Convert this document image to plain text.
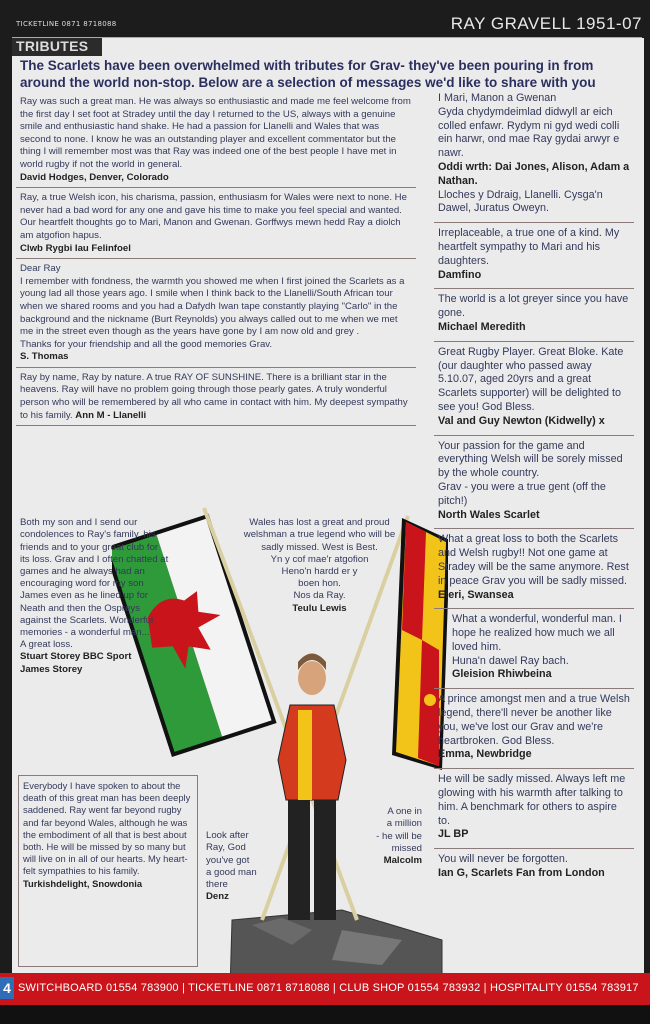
TICKETLINE 0871 8718088	RAY GRAVELL 1951-07
TRIBUTES
The Scarlets have been overwhelmed with tributes for Grav- they've been pouring in from around the world non-stop. Below are a selection of messages we'd like to share with you
Ray was such a great man. He was always so enthusiastic and made me feel welcome from the first day I set foot at Stradey until the day I returned to the US, always with a genuine smile and enthusiastic hand shake. He had a passion for Llanelli and Wales that was second to none. I know he was an outstanding player and excellent commentator but the thing I will remember most was that Ray was indeed one of the best people I have met in world rugby if not the world in general.
David Hodges, Denver, Colorado
Ray, a true Welsh icon, his charisma, passion, enthusiasm for Wales were next to none. He never had a bad word for any one and gave his time to make you feel special and wanted. Our heartfelt thoughts go to Mari, Manon and Gwenan. Gorffwys mewn hedd Ray a diolch am atgofion hapus.
Clwb Rygbi Iau Felinfoel
Dear Ray
I remember with fondness, the warmth you showed me when I first joined the Scarlets as a young lad all those years ago. I smile when I think back to the Llanelli/South African tour when we shared rooms and you had a Dafydh Iwan tape constantly playing "Carlo" in the background and the nickname (Burt Reynolds) you always called out to me when we met me in the street even though as the years have gone by I am now old and grey .
Thanks for your friendship and all the good memories Grav.
S. Thomas
Ray by name, Ray by nature. A true RAY OF SUNSHINE. There is a brilliant star in the heavens. Ray will have no problem going through those pearly gates. A truly wonderful person who will be remembered by all who came in contact with him. My deepest sympathy to his family. Ann M - Llanelli

Both my son and I send our condolences to Ray's family, his friends and to your great club for its loss. Grav and I often chatted at games and he always had an encouraging word for my son James even as he lined up for Neath and then the Ospreys against the Scarlets. Wonderful memories - a wonderful man...
A great loss.

Stuart Storey BBC Sport
James Storey

Wales has lost a great and proud welshman a true legend who will be sadly missed. West is Best.
Yn y cof mae'r atgofion
Heno'n hardd er y
boen hon.
Nos da Ray.

Teulu Lewis

A one in
a million
- he will be
missed

Malcolm

Look after
Ray, God
you've got
a good man
there

Denz

Everybody I have spoken to about the death of this great man has been deeply saddened. Ray went far beyond rugby and far beyond Wales, although he was the embodiment of all that is best about both. He will be missed by so many but will live on in all of our hearts. My heart-felt sympathies to his family.
Turkishdelight, Snowdonia
I Mari, Manon a Gwenan
Gyda chydymdeimlad didwyll ar eich colled enfawr. Rydym ni gyd wedi colli ein harwr, ond mae Ray gydai arwyr e nawr.
Oddi wrth: Dai Jones, Alison, Adam a Nathan.
Lloches y Ddraig, Llanelli. Cysga'n Dawel, Juratus Oweyn.
Irreplaceable, a true one of a kind. My heartfelt sympathy to Mari and his daughters.
Damfino
The world is a lot greyer since you have gone.
Michael Meredith
Great Rugby Player. Great Bloke. Kate (our daughter who passed away 5.10.07, aged 20yrs and a great Scarlets supporter) will be delighted to see you! God Bless.
Val and Guy Newton (Kidwelly) x
Your passion for the game and everything Welsh will be sorely missed by the whole country.
Grav - you were a true gent (off the pitch!)
North Wales Scarlet
What a great loss to both the Scarlets and Welsh rugby!! Not one game at Stradey will be the same anymore. Rest in peace Grav you will be sadly missed.
Eleri, Swansea
What a wonderful, wonderful man. I hope he realized how much we all loved him.
Huna'n dawel Ray bach.
Gleision Rhiwbeina
A prince amongst men and a true Welsh legend, there'll never be another like you, we've lost our Grav and we're heartbroken. God Bless.
Emma, Newbridge
He will be sadly missed. Always left me glowing with his warmth after talking to him. A benchmark for others to aspire to.
JL BP
You will never be forgotten.
Ian G, Scarlets Fan from London
4 SWITCHBOARD 01554 783900 | TICKETLINE 0871 8718088 | CLUB SHOP 01554 783932 | HOSPITALITY 01554 783917
